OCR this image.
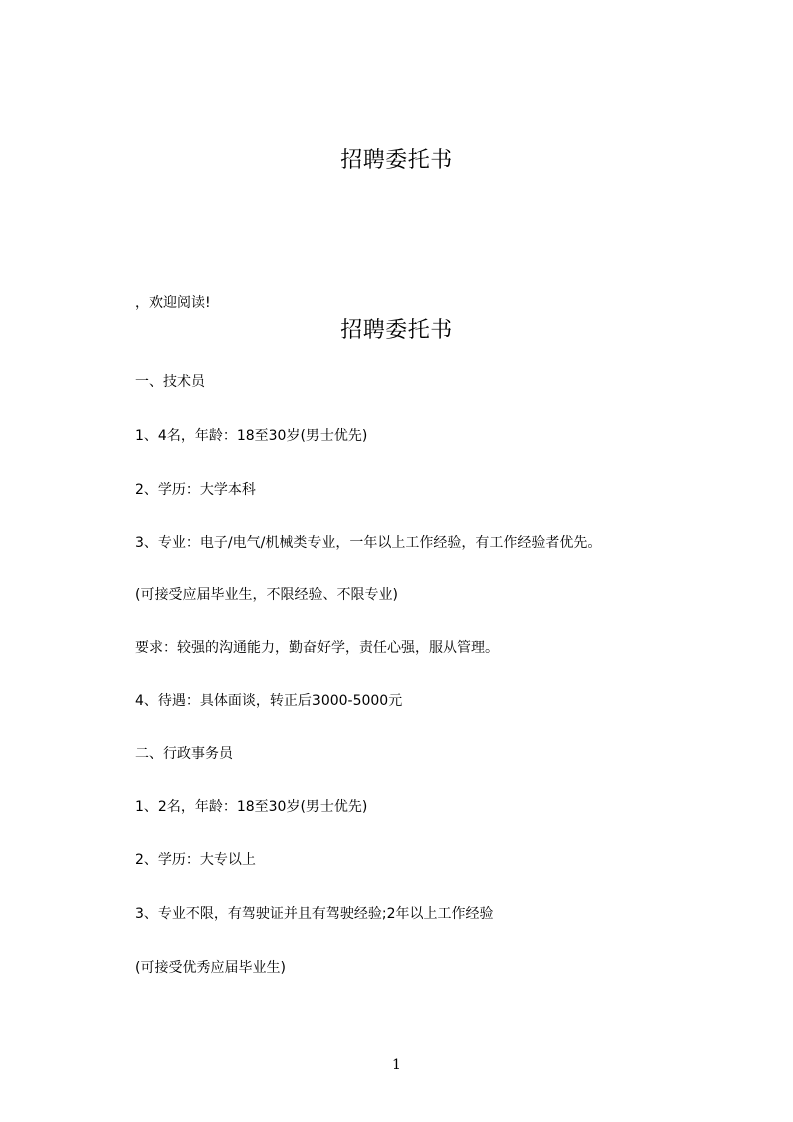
招聘委托书
，欢迎阅读!
招聘委托书
一、技术员
1、4名，年龄：18至30岁(男士优先)
2、学历：大学本科
3、专业：电子/电气/机械类专业，一年以上工作经验，有工作经验者优先。
(可接受应届毕业生，不限经验、不限专业)
要求：较强的沟通能力，勤奋好学，责任心强，服从管理。
4、待遇：具体面谈，转正后3000-5000元
二、行政事务员
1、2名，年龄：18至30岁(男士优先)
2、学历：大专以上
3、专业不限，有驾驶证并且有驾驶经验;2年以上工作经验
(可接受优秀应届毕业生)
1
